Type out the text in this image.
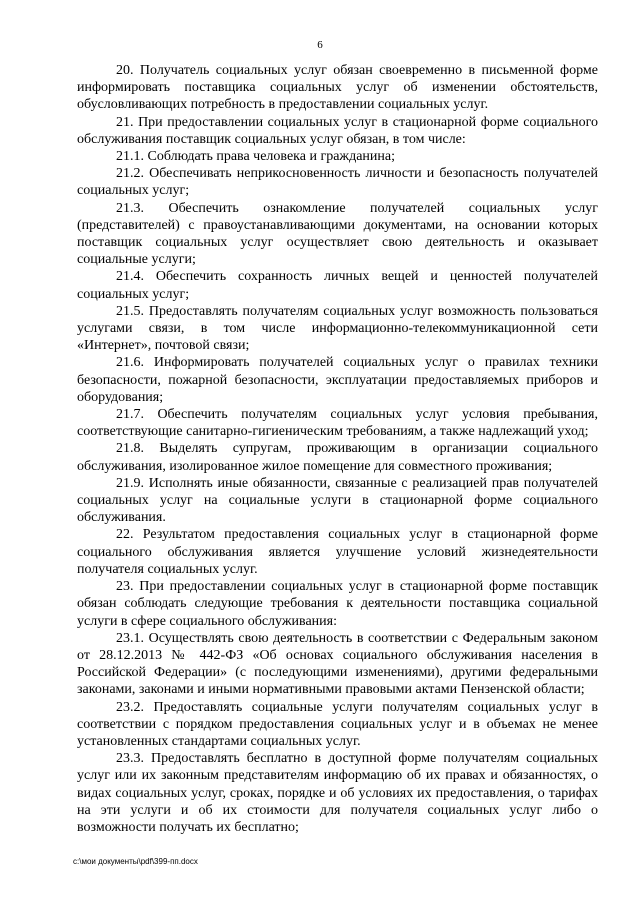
6

20. Получатель социальных услуг обязан своевременно в письменной форме информировать поставщика социальных услуг об изменении обстоятельств, обусловливающих потребность в предоставлении социальных услуг.

21. При предоставлении социальных услуг в стационарной форме социального обслуживания поставщик социальных услуг обязан, в том числе:

21.1. Соблюдать права человека и гражданина;

21.2. Обеспечивать неприкосновенность личности и безопасность получателей социальных услуг;

21.3. Обеспечить ознакомление получателей социальных услуг (представителей) с правоустанавливающими документами, на основании которых поставщик социальных услуг осуществляет свою деятельность и оказывает социальные услуги;

21.4. Обеспечить сохранность личных вещей и ценностей получателей социальных услуг;

21.5. Предоставлять получателям социальных услуг возможность пользоваться услугами связи, в том числе информационно-телекоммуникационной сети «Интернет», почтовой связи;

21.6. Информировать получателей социальных услуг о правилах техники безопасности, пожарной безопасности, эксплуатации предоставляемых приборов и оборудования;

21.7. Обеспечить получателям социальных услуг условия пребывания, соответствующие санитарно-гигиеническим требованиям, а также надлежащий уход;

21.8. Выделять супругам, проживающим в организации социального обслуживания, изолированное жилое помещение для совместного проживания;

21.9. Исполнять иные обязанности, связанные с реализацией прав получателей социальных услуг на социальные услуги в стационарной форме социального обслуживания.

22. Результатом предоставления социальных услуг в стационарной форме социального обслуживания является улучшение условий жизнедеятельности получателя социальных услуг.

23. При предоставлении социальных услуг в стационарной форме поставщик обязан соблюдать следующие требования к деятельности поставщика социальной услуги в сфере социального обслуживания:

23.1. Осуществлять свою деятельность в соответствии с Федеральным законом от 28.12.2013 № 442-ФЗ «Об основах социального обслуживания населения в Российской Федерации» (с последующими изменениями), другими федеральными законами, законами и иными нормативными правовыми актами Пензенской области;

23.2. Предоставлять социальные услуги получателям социальных услуг в соответствии с порядком предоставления социальных услуг и в объемах не менее установленных стандартами социальных услуг.

23.3. Предоставлять бесплатно в доступной форме получателям социальных услуг или их законным представителям информацию об их правах и обязанностях, о видах социальных услуг, сроках, порядке и об условиях их предоставления, о тарифах на эти услуги и об их стоимости для получателя социальных услуг либо о возможности получать их бесплатно;

c:\мои документы\pdf\399-пп.docx
